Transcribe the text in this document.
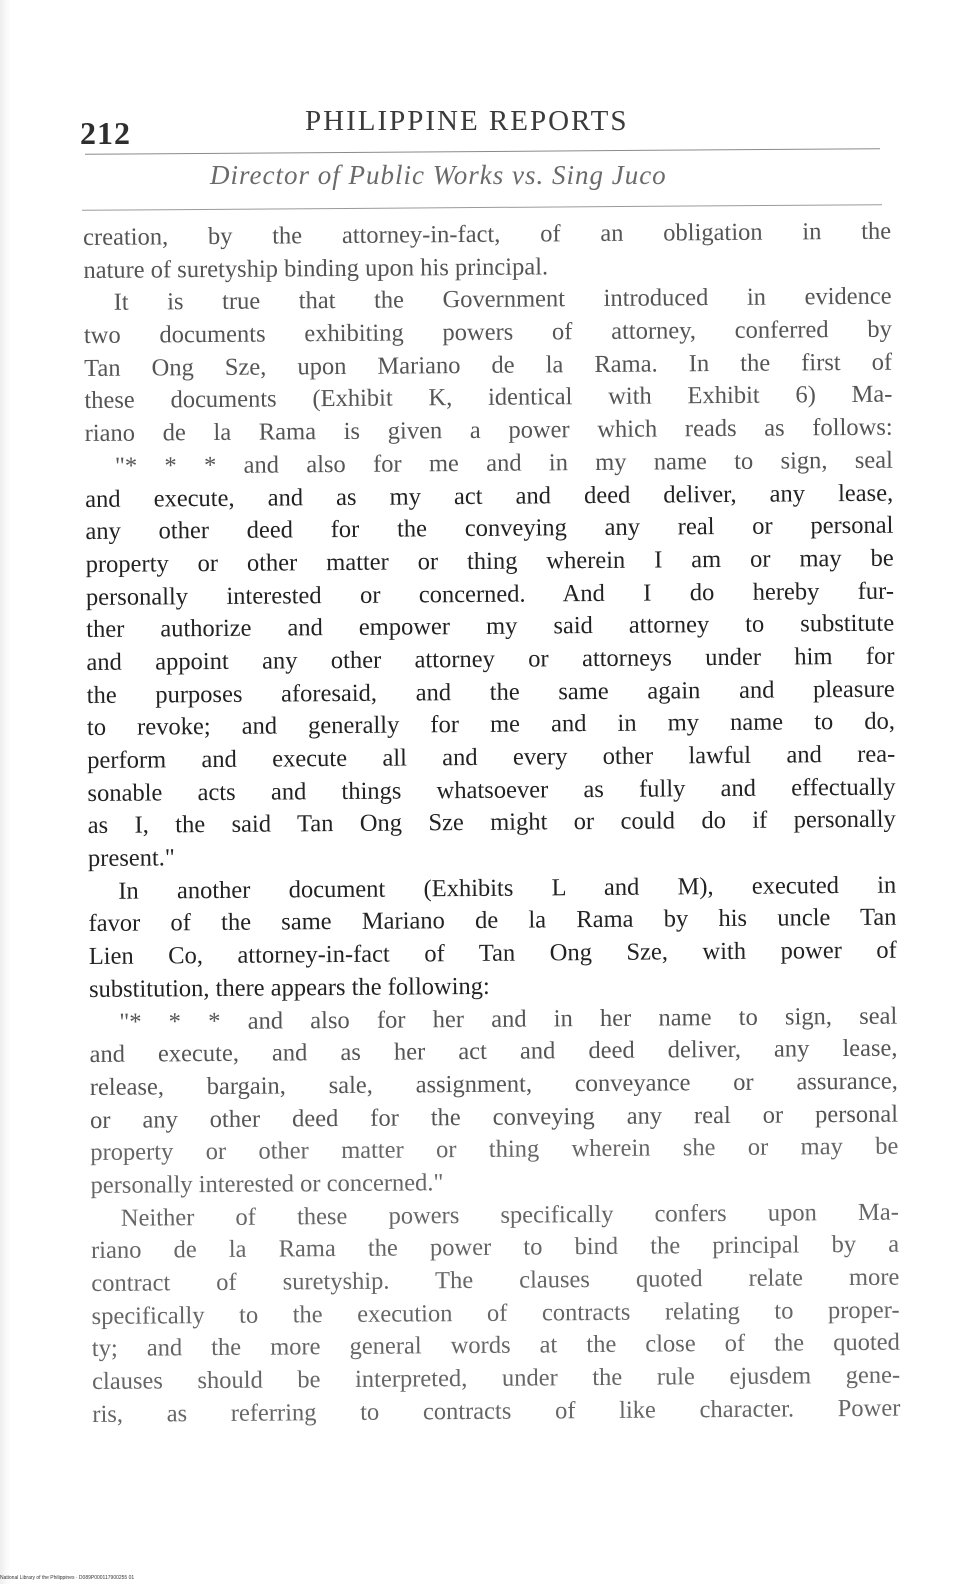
212	PHILIPPINE REPORTS
Director of Public Works vs. Sing Juco

creation, by the attorney-in-fact, of an obligation in the

nature of suretyship binding upon his principal.

It is true that the Government introduced in evidence

two documents exhibiting powers of attorney, conferred by

Tan Ong Sze, upon Mariano de la Rama. In the first of

these documents (Exhibit K, identical with Exhibit 6) Ma-

riano de la Rama is given a power which reads as follows:

"* * * and also for me and in my name to sign, seal

and execute, and as my act and deed deliver, any lease,

any other deed for the conveying any real or personal

property or other matter or thing wherein I am or may be

personally interested or concerned. And I do hereby fur-

ther authorize and empower my said attorney to substitute

and appoint any other attorney or attorneys under him for

the purposes aforesaid, and the same again and pleasure

to revoke; and generally for me and in my name to do,

perform and execute all and every other lawful and rea-

sonable acts and things whatsoever as fully and effectually

as I, the said Tan Ong Sze might or could do if personally

present."

In another document (Exhibits L and M), executed in

favor of the same Mariano de la Rama by his uncle Tan

Lien Co, attorney-in-fact of Tan Ong Sze, with power of

substitution, there appears the following:

"* * * and also for her and in her name to sign, seal

and execute, and as her act and deed deliver, any lease,

release, bargain, sale, assignment, conveyance or assurance,

or any other deed for the conveying any real or personal

property or other matter or thing wherein she or may be

personally interested or concerned."

Neither of these powers specifically confers upon Ma-

riano de la Rama the power to bind the principal by a

contract of suretyship. The clauses quoted relate more

specifically to the execution of contracts relating to proper-

ty; and the more general words at the close of the quoted

clauses should be interpreted, under the rule ejusdem gene-

ris, as referring to contracts of like character. Power

National Library of the Philippines · D089P000117900255 01
